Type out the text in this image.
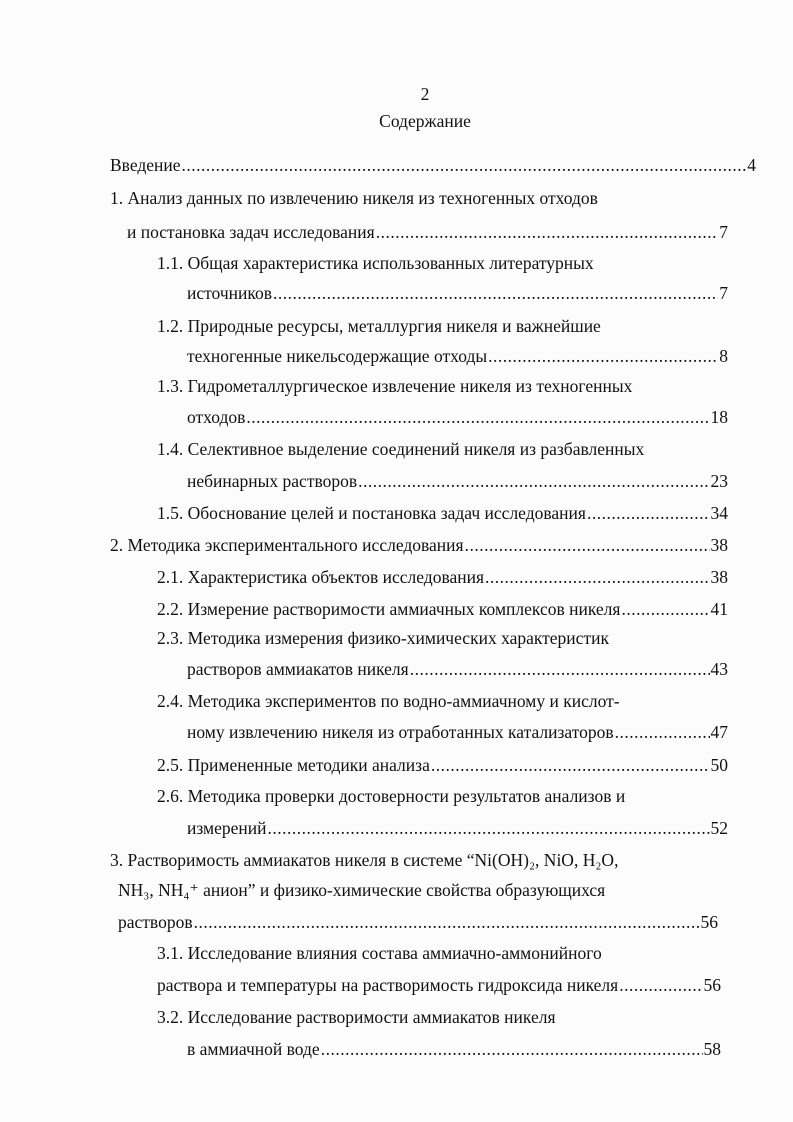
2
Содержание
Введение .....	4
1. Анализ данных по извлечению никеля из техногенных отходов
и постановка задач исследования .....	7
1.1. Общая характеристика использованных литературных
источников .....	7
1.2. Природные ресурсы, металлургия никеля и важнейшие
техногенные никельсодержащие отходы .....	8
1.3. Гидрометаллургическое извлечение никеля из техногенных
отходов .....	18
1.4. Селективное выделение соединений никеля из разбавленных
небинарных растворов .....	23
1.5. Обоснование целей и постановка задач исследования .....	34
2. Методика экспериментального исследования .....	38
2.1. Характеристика объектов исследования .....	38
2.2. Измерение растворимости аммиачных комплексов никеля .....	41
2.3. Методика измерения физико-химических характеристик
растворов аммиакатов никеля .....	43
2.4. Методика экспериментов по водно-аммиачному и кислот-
ному извлечению никеля из отработанных катализаторов .....	47
2.5. Примененные методики анализа .....	50
2.6. Методика проверки достоверности результатов анализов и
измерений .....	52
3. Растворимость аммиакатов никеля в системе “Ni(OH)₂, NiO, H₂O,
NH₃, NH₄⁺ анион” и физико-химические свойства образующихся
растворов .....	56
3.1. Исследование влияния состава аммиачно-аммонийного
раствора и температуры на растворимость гидроксида никеля .....	56
3.2. Исследование растворимости аммиакатов никеля
в аммиачной воде .....	58
